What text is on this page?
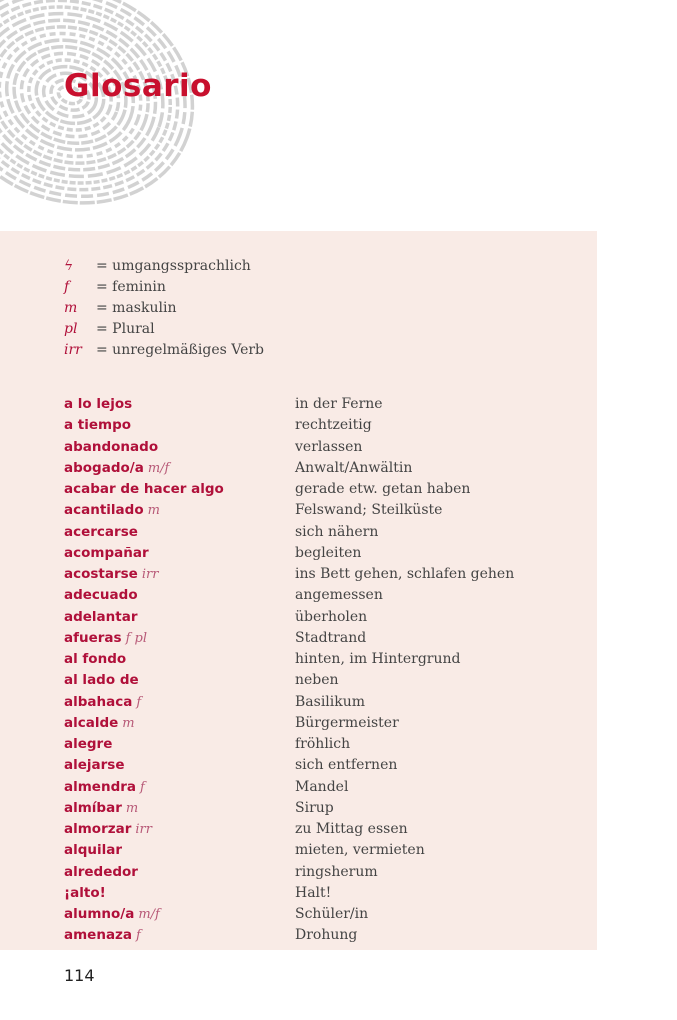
Glosario
ϟ = umgangssprachlich
f = feminin
m = maskulin
pl = Plural
irr = unregelmäßiges Verb
a lo lejos	in der Ferne
a tiempo	rechtzeitig
abandonado	verlassen
abogado/a m/f	Anwalt/Anwältin
acabar de hacer algo	gerade etw. getan haben
acantilado m	Felswand; Steilküste
acercarse	sich nähern
acompañar	begleiten
acostarse irr	ins Bett gehen, schlafen gehen
adecuado	angemessen
adelantar	überholen
afueras f pl	Stadtrand
al fondo	hinten, im Hintergrund
al lado de	neben
albahaca f	Basilikum
alcalde m	Bürgermeister
alegre	fröhlich
alejarse	sich entfernen
almendra f	Mandel
almíbar m	Sirup
almorzar irr	zu Mittag essen
alquilar	mieten, vermieten
alrededor	ringsherum
¡alto!	Halt!
alumno/a m/f	Schüler/in
amenaza f	Drohung
114
